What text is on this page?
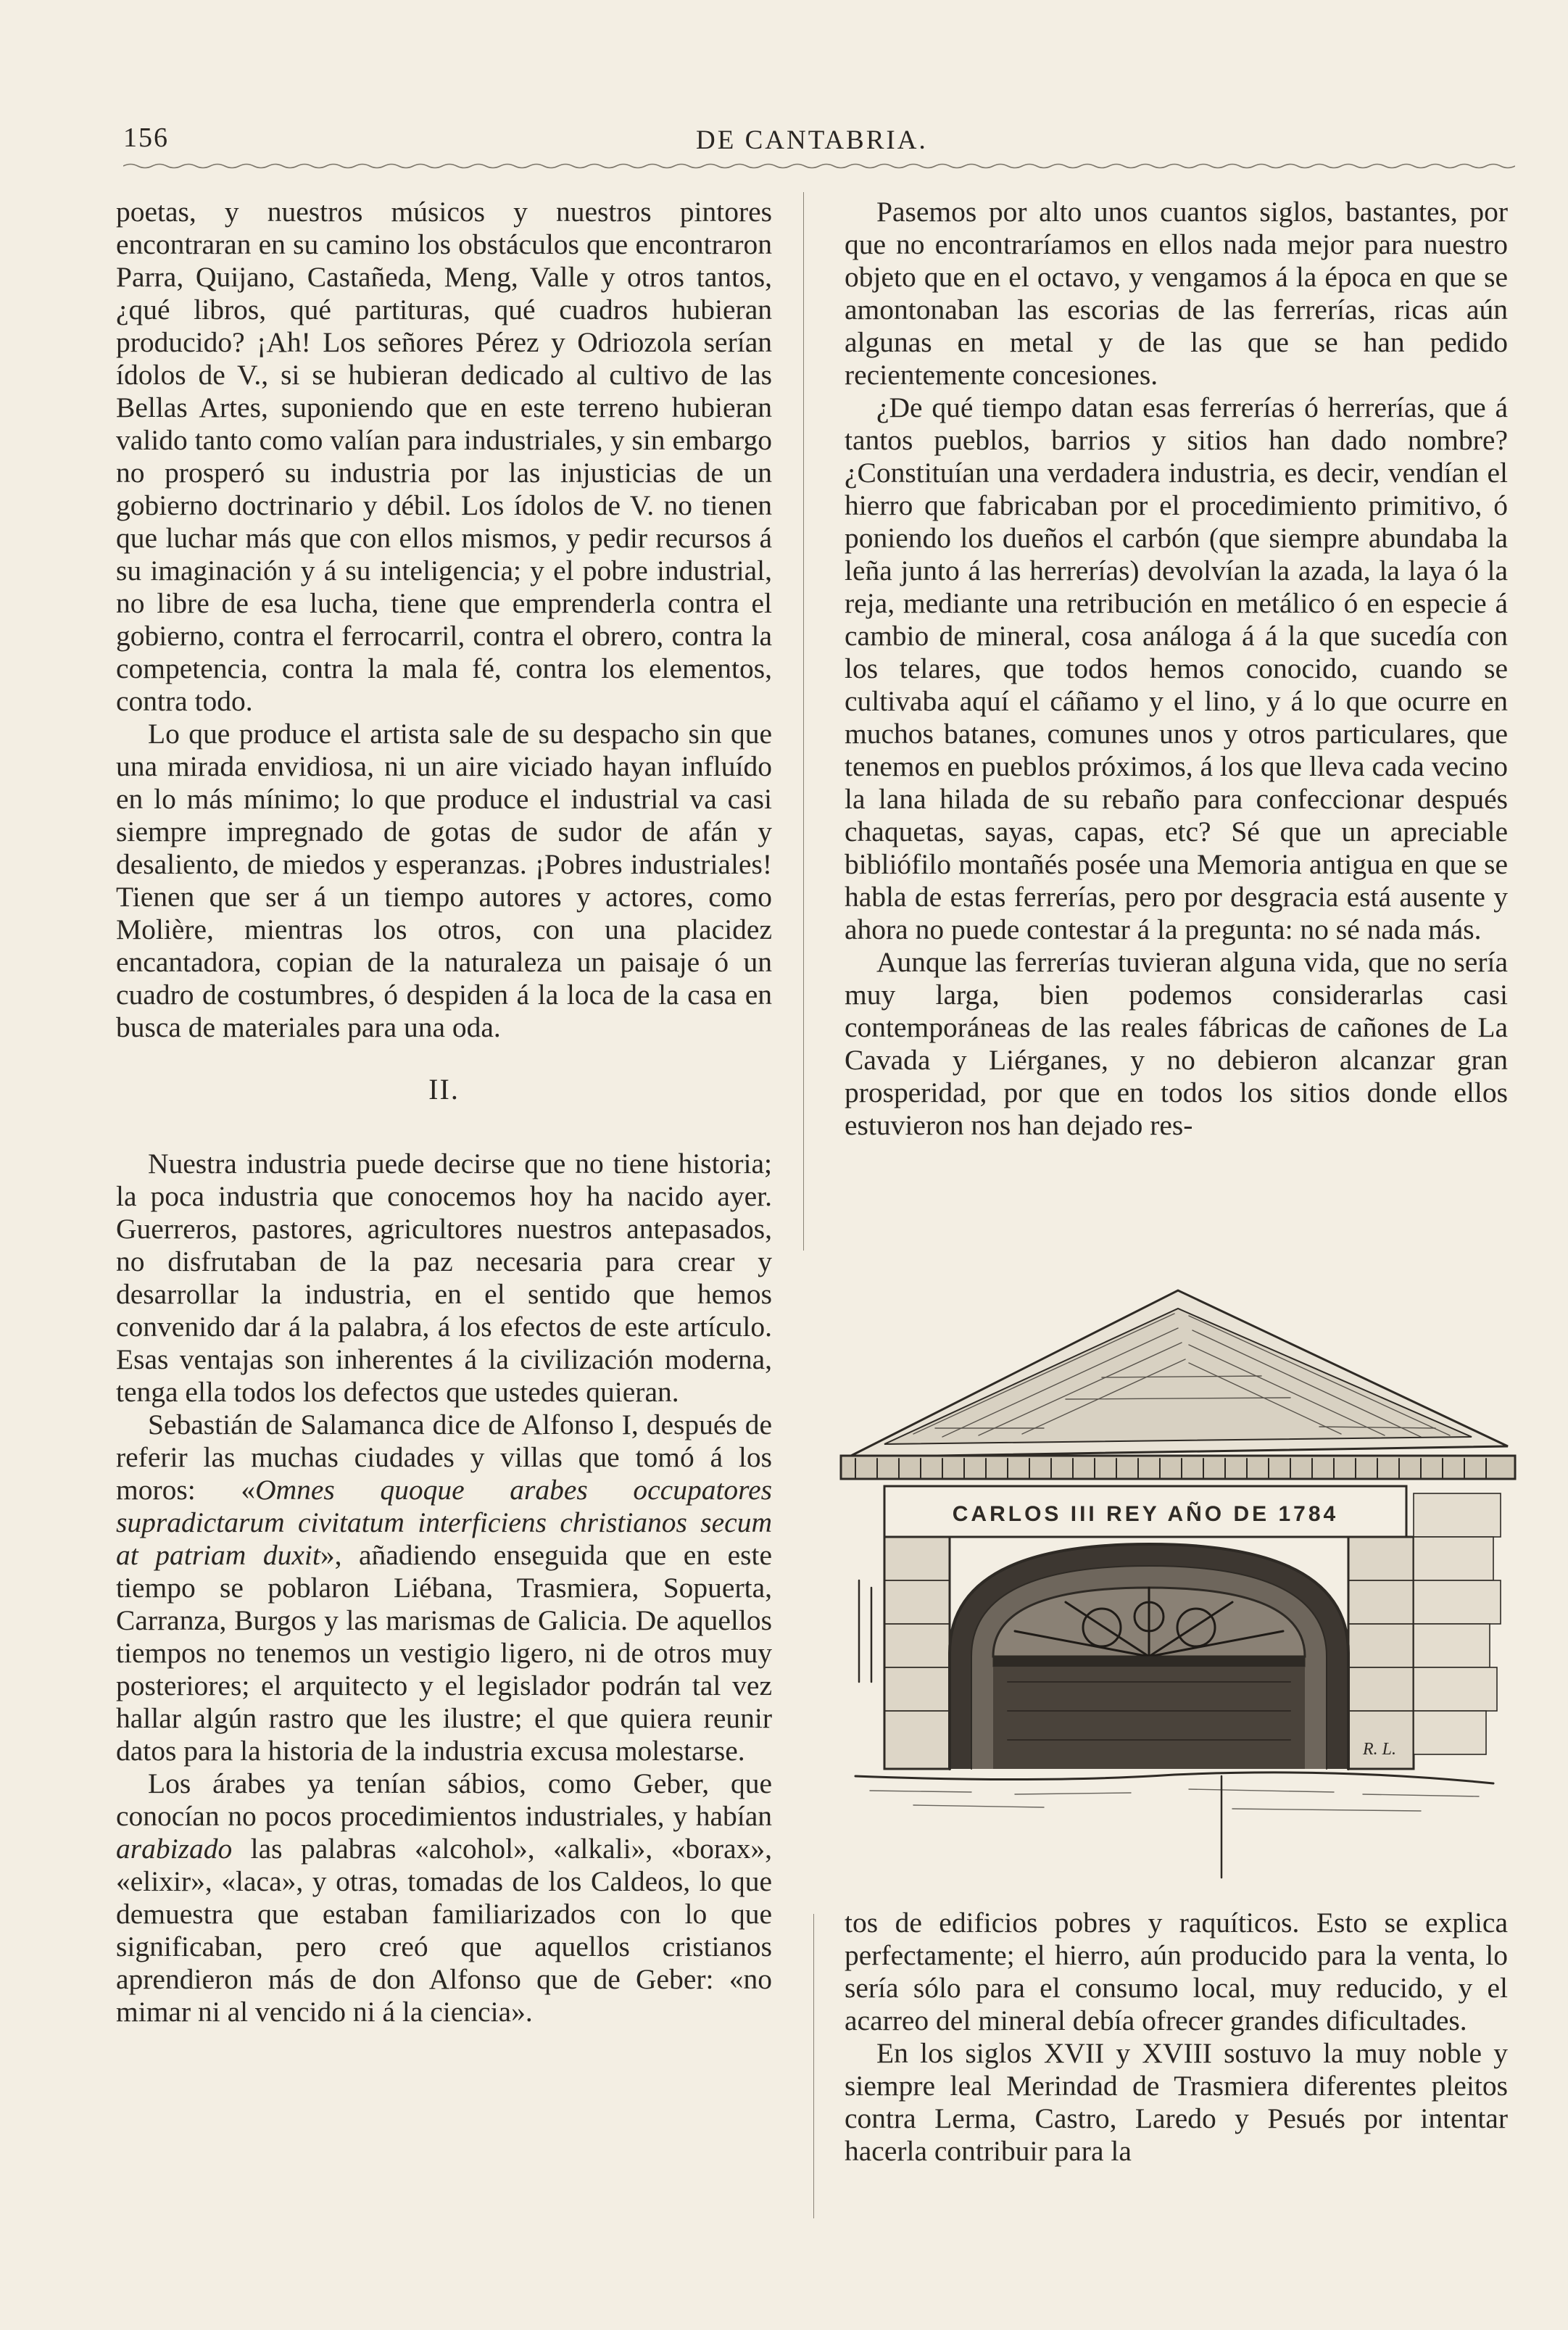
156	DE CANTABRIA.

poetas, y nuestros músicos y nuestros pintores encontraran en su camino los obstáculos que encontraron Parra, Quijano, Castañeda, Meng, Valle y otros tantos, ¿qué libros, qué partituras, qué cuadros hubieran producido? ¡Ah! Los señores Pérez y Odriozola serían ídolos de V., si se hubieran dedicado al cultivo de las Bellas Artes, suponiendo que en este terreno hubieran valido tanto como valían para industriales, y sin embargo no prosperó su industria por las injusticias de un gobierno doctrinario y débil. Los ídolos de V. no tienen que luchar más que con ellos mismos, y pedir recursos á su imaginación y á su inteligencia; y el pobre industrial, no libre de esa lucha, tiene que emprenderla contra el gobierno, contra el ferrocarril, contra el obrero, contra la competencia, contra la mala fé, contra los elementos, contra todo.

Lo que produce el artista sale de su despacho sin que una mirada envidiosa, ni un aire viciado hayan influído en lo más mínimo; lo que produce el industrial va casi siempre impregnado de gotas de sudor de afán y desaliento, de miedos y esperanzas. ¡Pobres industriales! Tienen que ser á un tiempo autores y actores, como Molière, mientras los otros, con una placidez encantadora, copian de la naturaleza un paisaje ó un cuadro de costumbres, ó despiden á la loca de la casa en busca de materiales para una oda.

II.

Nuestra industria puede decirse que no tiene historia; la poca industria que conocemos hoy ha nacido ayer. Guerreros, pastores, agricultores nuestros antepasados, no disfrutaban de la paz necesaria para crear y desarrollar la industria, en el sentido que hemos convenido dar á la palabra, á los efectos de este artículo. Esas ventajas son inherentes á la civilización moderna, tenga ella todos los defectos que ustedes quieran.

Sebastián de Salamanca dice de Alfonso I, después de referir las muchas ciudades y villas que tomó á los moros: «Omnes quoque arabes occupatores supradictarum civitatum interficiens christianos secum at patriam duxit», añadiendo enseguida que en este tiempo se poblaron Liébana, Trasmiera, Sopuerta, Carranza, Burgos y las marismas de Galicia. De aquellos tiempos no tenemos un vestigio ligero, ni de otros muy posteriores; el arquitecto y el legislador podrán tal vez hallar algún rastro que les ilustre; el que quiera reunir datos para la historia de la industria excusa molestarse.

Los árabes ya tenían sábios, como Geber, que conocían no pocos procedimientos industriales, y habían arabizado las palabras «alcohol», «alkali», «borax», «elixir», «laca», y otras, tomadas de los Caldeos, lo que demuestra que estaban familiarizados con lo que significaban, pero creó que aquellos cristianos aprendieron más de don Alfonso que de Geber: «no mimar ni al vencido ni á la ciencia».

Pasemos por alto unos cuantos siglos, bastantes, por que no encontraríamos en ellos nada mejor para nuestro objeto que en el octavo, y vengamos á la época en que se amontonaban las escorias de las ferrerías, ricas aún algunas en metal y de las que se han pedido recientemente concesiones.

¿De qué tiempo datan esas ferrerías ó herrerías, que á tantos pueblos, barrios y sitios han dado nombre? ¿Constituían una verdadera industria, es decir, vendían el hierro que fabricaban por el procedimiento primitivo, ó poniendo los dueños el carbón (que siempre abundaba la leña junto á las herrerías) devolvían la azada, la laya ó la reja, mediante una retribución en metálico ó en especie á cambio de mineral, cosa análoga á á la que sucedía con los telares, que todos hemos conocido, cuando se cultivaba aquí el cáñamo y el lino, y á lo que ocurre en muchos batanes, comunes unos y otros particulares, que tenemos en pueblos próximos, á los que lleva cada vecino la lana hilada de su rebaño para confeccionar después chaquetas, sayas, capas, etc? Sé que un apreciable bibliófilo montañés posée una Memoria antigua en que se habla de estas ferrerías, pero por desgracia está ausente y ahora no puede contestar á la pregunta: no sé nada más.

Aunque las ferrerías tuvieran alguna vida, que no sería muy larga, bien podemos considerarlas casi contemporáneas de las reales fábricas de cañones de La Cavada y Liérganes, y no debieron alcanzar gran prosperidad, por que en todos los sitios donde ellos estuvieron nos han dejado res-

CARLOS III REY AÑO DE 1784
R. L.

tos de edificios pobres y raquíticos. Esto se explica perfectamente; el hierro, aún producido para la venta, lo sería sólo para el consumo local, muy reducido, y el acarreo del mineral debía ofrecer grandes dificultades.

En los siglos XVII y XVIII sostuvo la muy noble y siempre leal Merindad de Trasmiera diferentes pleitos contra Lerma, Castro, Laredo y Pesués por intentar hacerla contribuir para la
